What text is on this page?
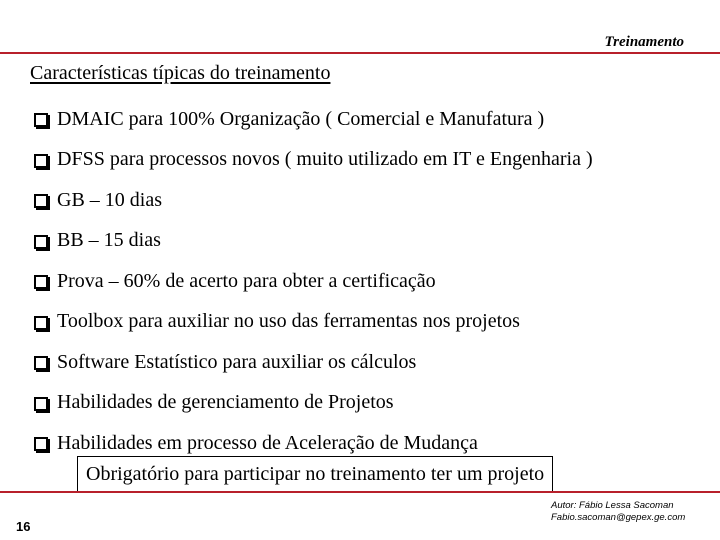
Treinamento
Características típicas do treinamento
DMAIC para 100% Organização ( Comercial e Manufatura )
DFSS para processos novos ( muito utilizado em IT e Engenharia )
GB – 10 dias
BB – 15 dias
Prova – 60% de acerto para obter a certificação
Toolbox para auxiliar no uso das ferramentas nos projetos
Software Estatístico para auxiliar os cálculos
Habilidades de gerenciamento de Projetos
Habilidades em processo de Aceleração de Mudança
Obrigatório para participar no treinamento ter um projeto
16
Autor: Fábio Lessa Sacoman
Fabio.sacoman@gepex.ge.com
